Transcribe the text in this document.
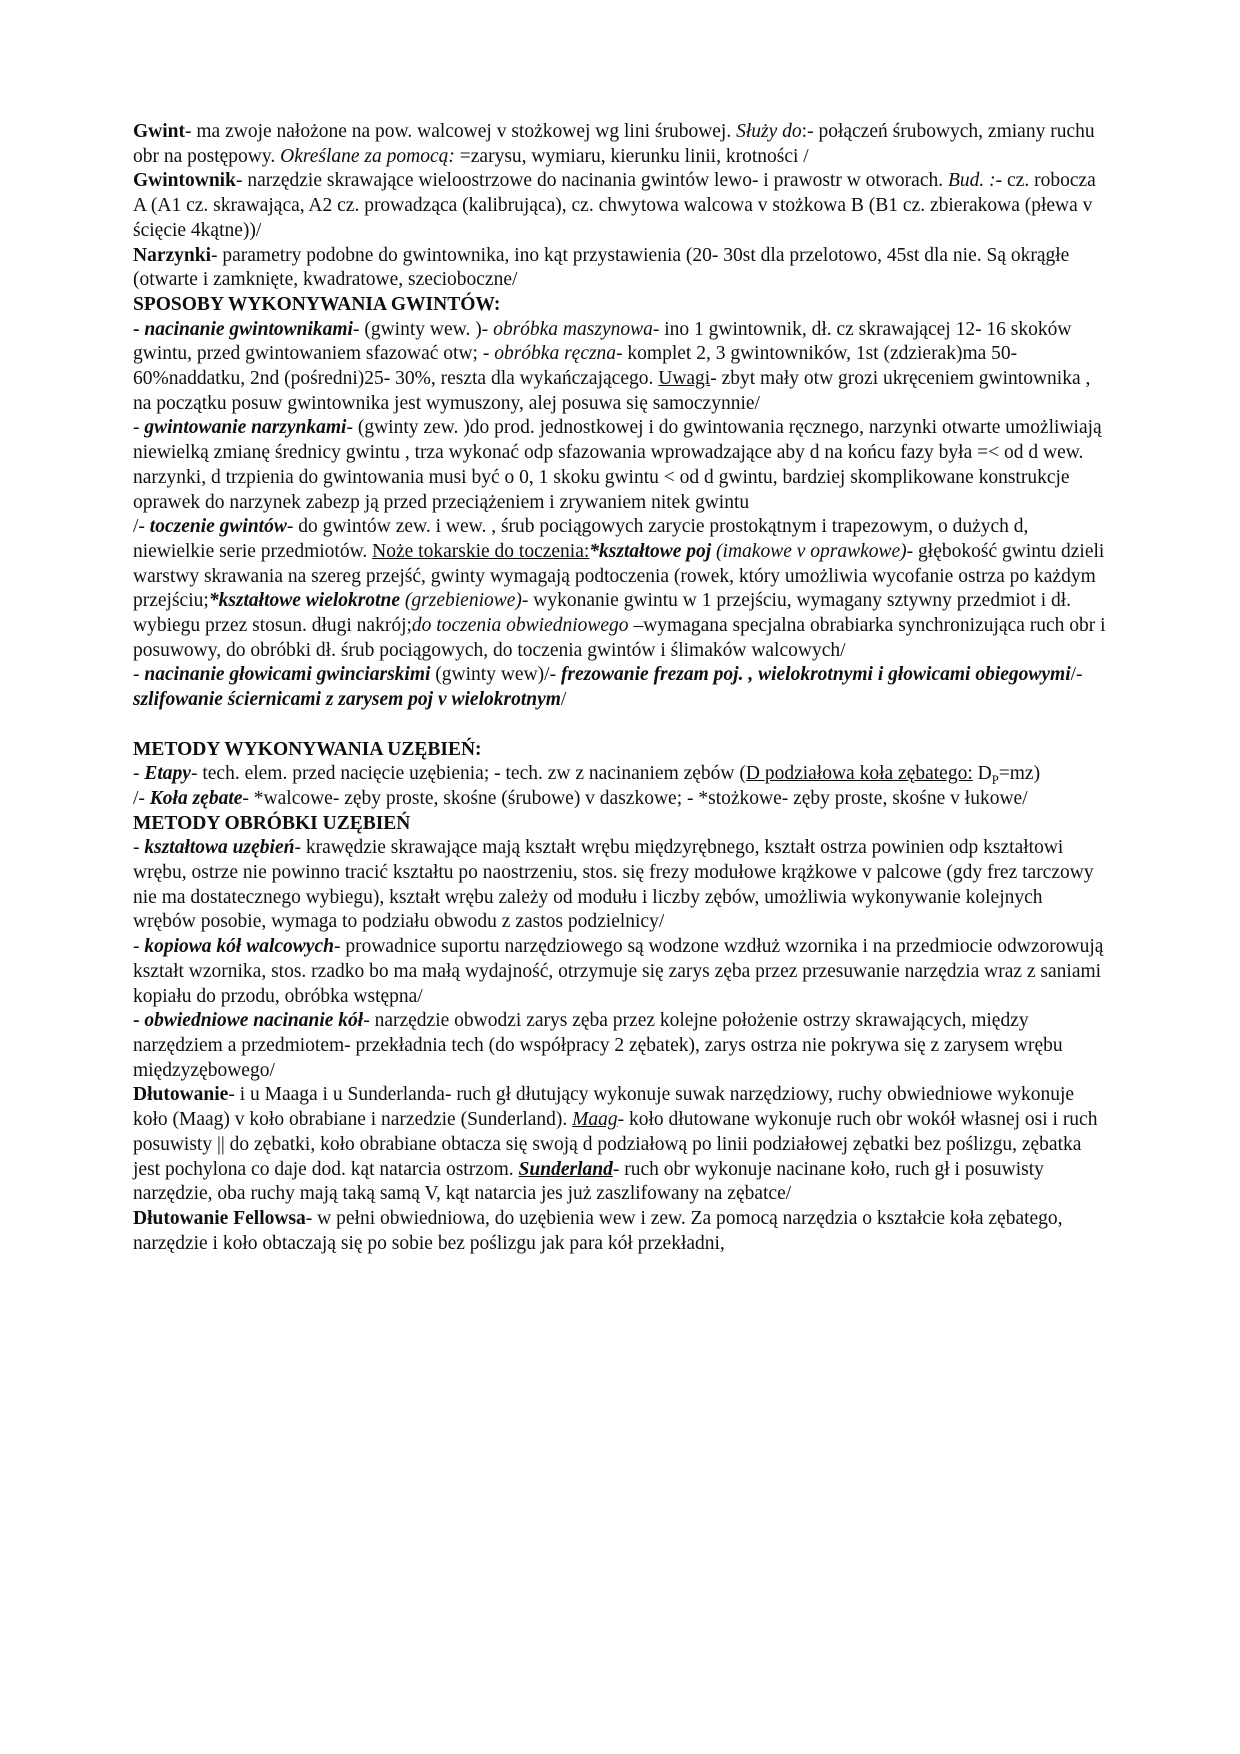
Gwint- ma zwoje nałożone na pow. walcowej v stożkowej wg lini śrubowej. Służy do:- połączeń śrubowych, zmiany ruchu obr na postępowy. Określane za pomocą: =zarysu, wymiaru, kierunku linii, krotności /

Gwintownik- narzędzie skrawające wieloostrzowe do nacinania gwintów lewo- i prawostr w otworach. Bud. :- cz. robocza A (A1 cz. skrawająca, A2 cz. prowadząca (kalibrująca), cz. chwytowa walcowa v stożkowa B (B1 cz. zbierakowa (płewa v ścięcie 4kątne))/

Narzynki- parametry podobne do gwintownika, ino kąt przystawienia (20- 30st dla przelotowo, 45st dla nie. Są okrągłe (otwarte i zamknięte, kwadratowe, szecioboczne/

SPOSOBY WYKONYWANIA GWINTÓW:

- nacinanie gwintownikami- (gwinty wew. )- obróbka maszynowa- ino 1 gwintownik, dł. cz skrawającej 12- 16 skoków gwintu, przed gwintowaniem sfazować otw; - obróbka ręczna- komplet 2, 3 gwintowników, 1st (zdzierak)ma 50- 60%naddatku, 2nd (pośredni)25- 30%, reszta dla wykańczającego. Uwagi- zbyt mały otw grozi ukręceniem gwintownika , na początku posuw gwintownika jest wymuszony, alej posuwa się samoczynnie/

- gwintowanie narzynkami- (gwinty zew. )do prod. jednostkowej i do gwintowania ręcznego, narzynki otwarte umożliwiają niewielką zmianę średnicy gwintu , trza wykonać odp sfazowania wprowadzające aby d na końcu fazy była =< od d wew. narzynki, d trzpienia do gwintowania musi być o 0, 1 skoku gwintu < od d gwintu, bardziej skomplikowane konstrukcje oprawek do narzynek zabezp ją przed przeciążeniem i zrywaniem nitek gwintu

/- toczenie gwintów- do gwintów zew. i wew. , śrub pociągowych zarycie prostokątnym i trapezowym, o dużych d, niewielkie serie przedmiotów. Noże tokarskie do toczenia:*kształtowe poj (imakowe v oprawkowe)- głębokość gwintu dzieli warstwy skrawania na szereg przejść, gwinty wymagają podtoczenia (rowek, który umożliwia wycofanie ostrza po każdym przejściu;*kształtowe wielokrotne (grzebieniowe)- wykonanie gwintu w 1 przejściu, wymagany sztywny przedmiot i dł. wybiegu przez stosun. długi nakrój;do toczenia obwiedniowego –wymagana specjalna obrabiarka synchronizująca ruch obr i posuwowy, do obróbki dł. śrub pociągowych, do toczenia gwintów i ślimaków walcowych/

- nacinanie głowicami gwinciarskimi (gwinty wew)/- frezowanie frezam poj. , wielokrotnymi i głowicami obiegowymi/- szlifowanie ściernicami z zarysem poj v wielokrotnym/

METODY WYKONYWANIA UZĘBIEŃ:

- Etapy- tech. elem. przed nacięcie uzębienia; - tech. zw z nacinaniem zębów (D podziałowa koła zębatego: $D_P=mz$)

/- Koła zębate- *walcowe- zęby proste, skośne (śrubowe) v daszkowe; - *stożkowe- zęby proste, skośne v łukowe/

METODY OBRÓBKI UZĘBIEŃ

- kształtowa uzębień- krawędzie skrawające mają kształt wrębu międzyrębnego, kształt ostrza powinien odp kształtowi wrębu, ostrze nie powinno tracić kształtu po naostrzeniu, stos. się frezy modułowe krążkowe v palcowe (gdy frez tarczowy nie ma dostatecznego wybiegu), kształt wrębu zależy od modułu i liczby zębów, umożliwia wykonywanie kolejnych wrębów posobie, wymaga to podziału obwodu z zastos podzielnicy/

- kopiowa kół walcowych- prowadnice suportu narzędziowego są wodzone wzdłuż wzornika i na przedmiocie odwzorowują kształt wzornika, stos. rzadko bo ma małą wydajność, otrzymuje się zarys zęba przez przesuwanie narzędzia wraz z saniami kopiału do przodu, obróbka wstępna/

- obwiedniowe nacinanie kół- narzędzie obwodzi zarys zęba przez kolejne położenie ostrzy skrawających, między narzędziem a przedmiotem- przekładnia tech (do współpracy 2 zębatek), zarys ostrza nie pokrywa się z zarysem wrębu międzyzębowego/

Dłutowanie- i u Maaga i u Sunderlanda- ruch gł dłutujący wykonuje suwak narzędziowy, ruchy obwiedniowe wykonuje koło (Maag) v koło obrabiane i narzedzie (Sunderland). Maag- koło dłutowane wykonuje ruch obr wokół własnej osi i ruch posuwisty || do zębatki, koło obrabiane obtacza się swoją d podziałową po linii podziałowej zębatki bez poślizgu, zębatka jest pochylona co daje dod. kąt natarcia ostrzom. Sunderland- ruch obr wykonuje nacinane koło, ruch gł i posuwisty narzędzie, oba ruchy mają taką samą V, kąt natarcia jes już zaszlifowany na zębatce/

Dłutowanie Fellowsa- w pełni obwiedniowa, do uzębienia wew i zew. Za pomocą narzędzia o kształcie koła zębatego, narzędzie i koło obtaczają się po sobie bez poślizgu jak para kół przekładni,
